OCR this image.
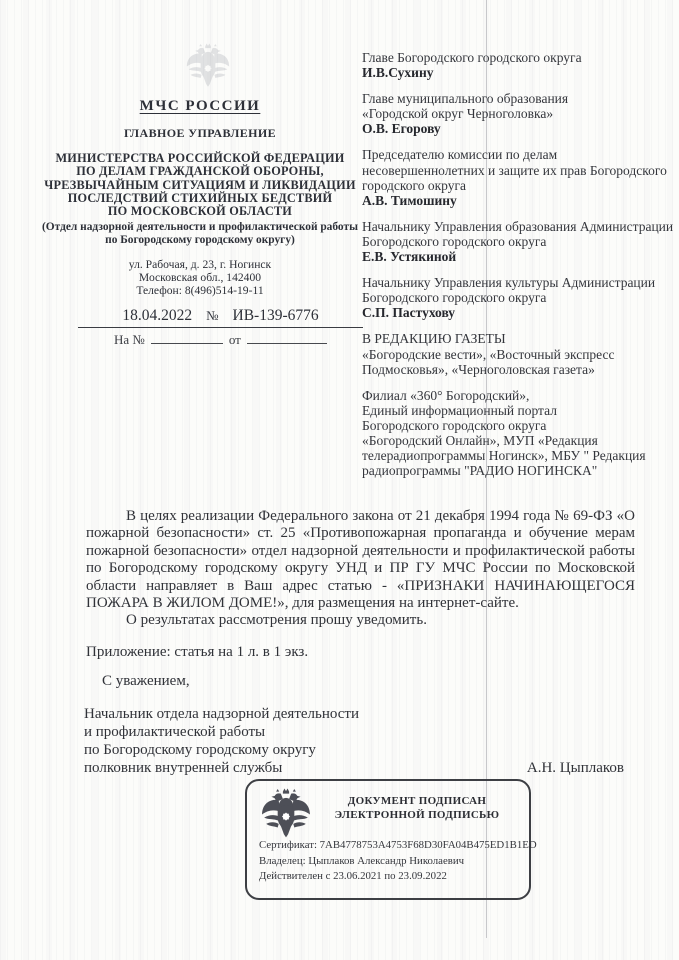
МЧС РОССИИ
ГЛАВНОЕ УПРАВЛЕНИЕ
МИНИСТЕРСТВА РОССИЙСКОЙ ФЕДЕРАЦИИ
ПО ДЕЛАМ ГРАЖДАНСКОЙ ОБОРОНЫ,
ЧРЕЗВЫЧАЙНЫМ СИТУАЦИЯМ И ЛИКВИДАЦИИ
ПОСЛЕДСТВИЙ СТИХИЙНЫХ БЕДСТВИЙ
ПО МОСКОВСКОЙ ОБЛАСТИ
(Отдел надзорной деятельности и профилактической работы
по Богородскому городскому округу)
ул. Рабочая, д. 23, г. Ногинск
Московская обл., 142400
Телефон: 8(496)514-19-11
18.04.2022 № ИВ-139-6776
На №	от
Главе Богородского городского округа
И.В.Сухину
Главе муниципального образования
«Городской округ Черноголовка»
О.В. Егорову
Председателю комиссии по делам
несовершеннолетних и защите их прав Богородского
городского округа
А.В. Тимошину
Начальнику Управления образования Администрации
Богородского городского округа
Е.В. Устякиной
Начальнику Управления культуры Администрации
Богородского городского округа
С.П. Пастухову
В РЕДАКЦИЮ ГАЗЕТЫ
«Богородские вести», «Восточный экспресс
Подмосковья», «Черноголовская газета»
Филиал «360° Богородский»,
Единый информационный портал
Богородского городского округа
«Богородский Онлайн», МУП «Редакция
телерадиопрограммы Ногинск», МБУ " Редакция
радиопрограммы "РАДИО НОГИНСКА"

В целях реализации Федерального закона от 21 декабря 1994 года № 69-ФЗ «О пожарной безопасности» ст. 25 «Противопожарная пропаганда и обучение мерам пожарной безопасности» отдел надзорной деятельности и профилактической работы по Богородскому городскому округу УНД и ПР ГУ МЧС России по Московской области направляет в Ваш адрес статью - «ПРИЗНАКИ НАЧИНАЮЩЕГОСЯ ПОЖАРА В ЖИЛОМ ДОМЕ!», для размещения на интернет-сайте.

О результатах рассмотрения прошу уведомить.

Приложение: статья на 1 л. в 1 экз.

С уважением,

Начальник отдела надзорной деятельности
и профилактической работы
по Богородскому городскому округу
полковник внутренней службы	А.Н. Цыплаков
ДОКУМЕНТ ПОДПИСАН
ЭЛЕКТРОННОЙ ПОДПИСЬЮ
Сертификат: 7АВ4778753А4753F68D30FA04B475ED1B1ED
Владелец: Цыплаков Александр Николаевич
Действителен с 23.06.2021 по 23.09.2022
